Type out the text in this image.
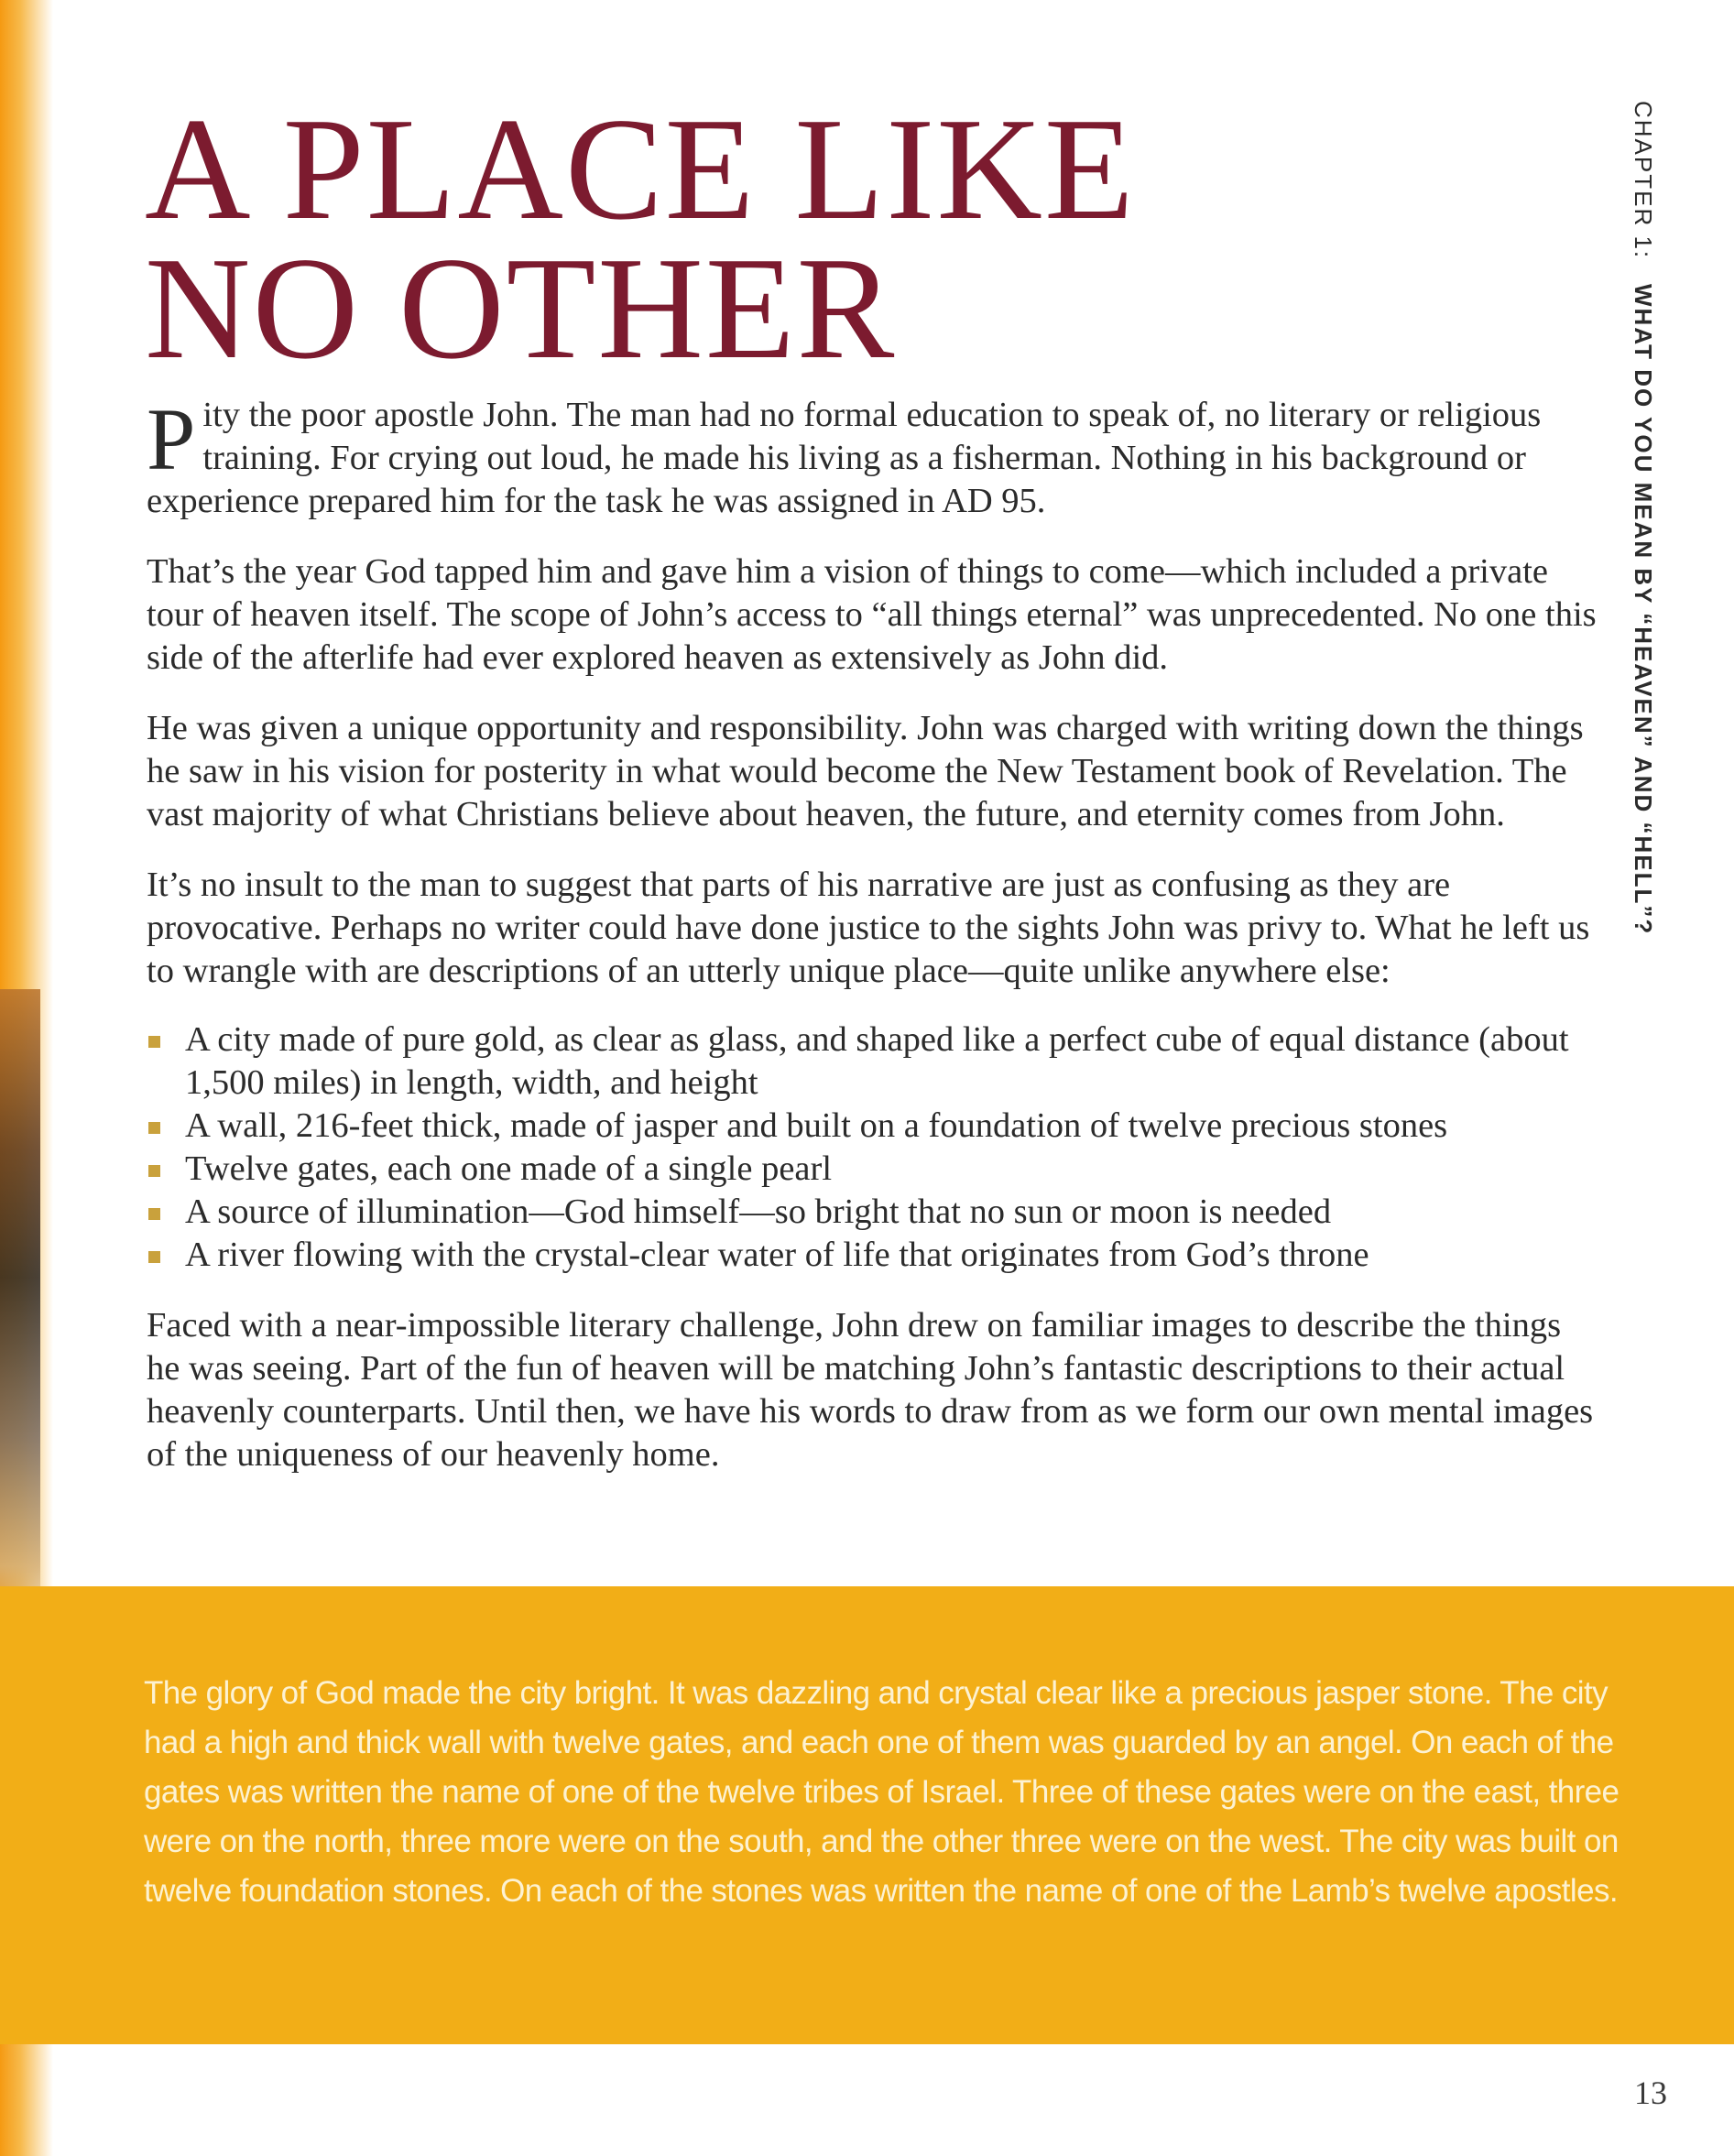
CHAPTER 1: WHAT DO YOU MEAN BY “HEAVEN” AND “HELL”?
A PLACE LIKE
NO OTHER

Pity the poor apostle John. The man had no formal education to speak of, no literary or religious training. For crying out loud, he made his living as a fisherman. Nothing in his background or experience prepared him for the task he was assigned in AD 95.

That’s the year God tapped him and gave him a vision of things to come—which included a private tour of heaven itself. The scope of John’s access to “all things eternal” was unprecedented. No one this side of the afterlife had ever explored heaven as extensively as John did.

He was given a unique opportunity and responsibility. John was charged with writing down the things he saw in his vision for posterity in what would become the New Testament book of Revelation. The vast majority of what Christians believe about heaven, the future, and eternity comes from John.

It’s no insult to the man to suggest that parts of his narrative are just as confusing as they are provocative. Perhaps no writer could have done justice to the sights John was privy to. What he left us to wrangle with are descriptions of an utterly unique place—quite unlike anywhere else:

A city made of pure gold, as clear as glass, and shaped like a perfect cube of equal distance (about 1,500 miles) in length, width, and height
A wall, 216-feet thick, made of jasper and built on a foundation of twelve precious stones
Twelve gates, each one made of a single pearl
A source of illumination—God himself—so bright that no sun or moon is needed
A river flowing with the crystal-clear water of life that originates from God’s throne

Faced with a near-impossible literary challenge, John drew on familiar images to describe the things he was seeing. Part of the fun of heaven will be matching John’s fantastic descriptions to their actual heavenly counterparts. Until then, we have his words to draw from as we form our own mental images of the uniqueness of our heavenly home.

The glory of God made the city bright. It was dazzling and crystal clear like a precious jasper stone. The city had a high and thick wall with twelve gates, and each one of them was guarded by an angel. On each of the gates was written the name of one of the twelve tribes of Israel. Three of these gates were on the east, three were on the north, three more were on the south, and the other three were on the west. The city was built on twelve foundation stones. On each of the stones was written the name of one of the Lamb’s twelve apostles.
13
